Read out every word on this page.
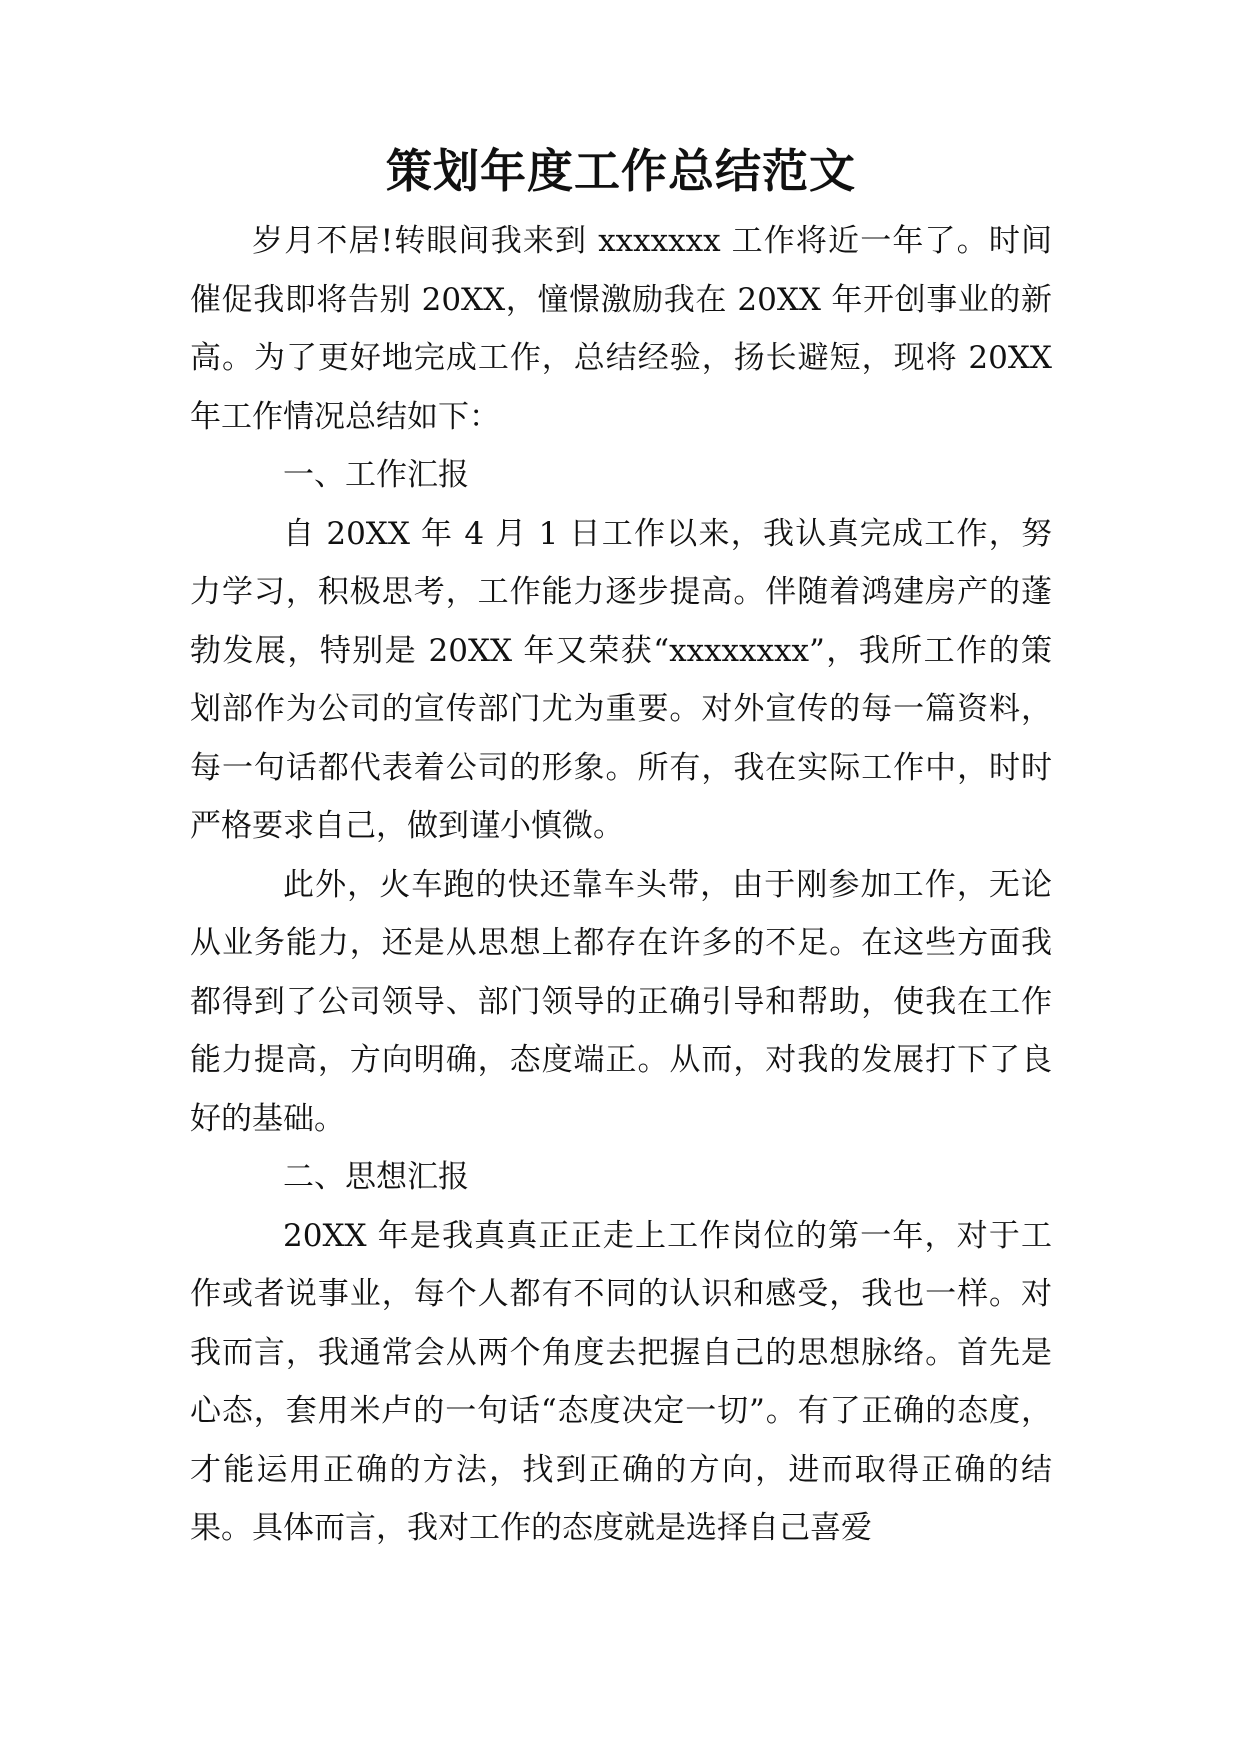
策划年度工作总结范文

岁月不居!转眼间我来到 xxxxxxx 工作将近一年了。时间催促我即将告别 20XX，憧憬激励我在 20XX 年开创事业的新高。为了更好地完成工作，总结经验，扬长避短，现将 20XX 年工作情况总结如下：

一、工作汇报

自 20XX 年 4 月 1 日工作以来，我认真完成工作，努力学习，积极思考，工作能力逐步提高。伴随着鸿建房产的蓬勃发展，特别是 20XX 年又荣获“xxxxxxxx”，我所工作的策划部作为公司的宣传部门尤为重要。对外宣传的每一篇资料，每一句话都代表着公司的形象。所有，我在实际工作中，时时严格要求自己，做到谨小慎微。

此外，火车跑的快还靠车头带，由于刚参加工作，无论从业务能力，还是从思想上都存在许多的不足。在这些方面我都得到了公司领导、部门领导的正确引导和帮助，使我在工作能力提高，方向明确，态度端正。从而，对我的发展打下了良好的基础。

二、思想汇报

20XX 年是我真真正正走上工作岗位的第一年，对于工作或者说事业，每个人都有不同的认识和感受，我也一样。对我而言，我通常会从两个角度去把握自己的思想脉络。首先是心态，套用米卢的一句话“态度决定一切”。有了正确的态度，才能运用正确的方法，找到正确的方向，进而取得正确的结果。具体而言，我对工作的态度就是选择自己喜爱
